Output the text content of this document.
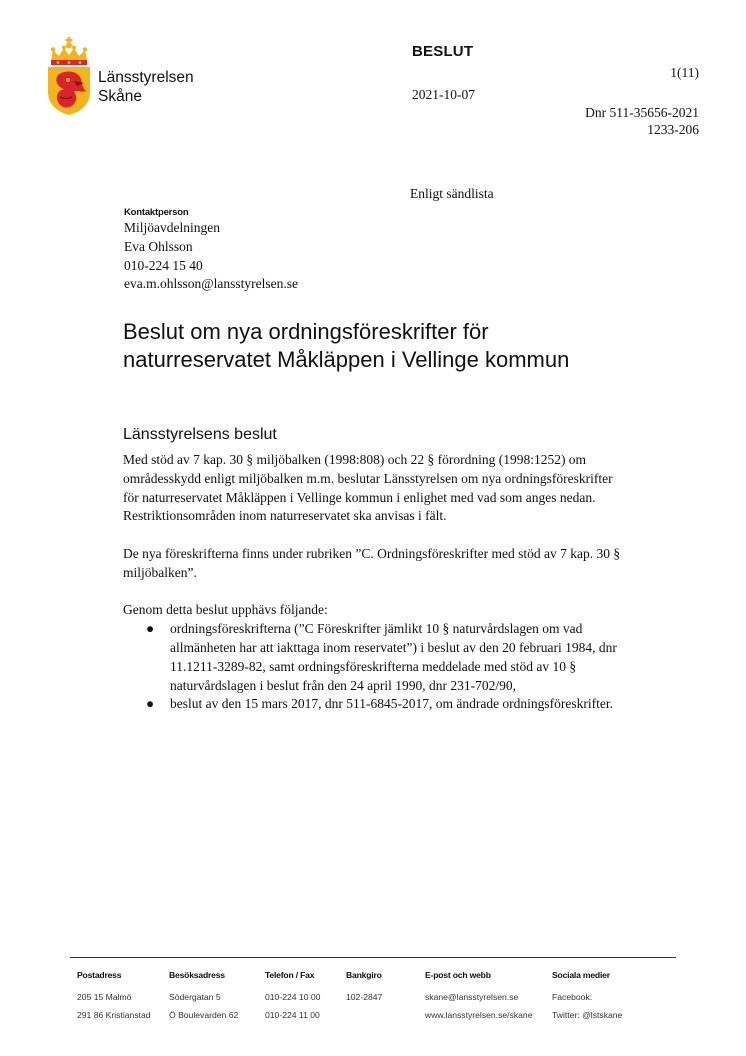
Länsstyrelsen
Skåne
BESLUT
1(11)
2021-10-07
Dnr 511-35656-2021
1233-206
Enligt sändlista
Kontaktperson
Miljöavdelningen
Eva Ohlsson
010-224 15 40
eva.m.ohlsson@lansstyrelsen.se
Beslut om nya ordningsföreskrifter för
naturreservatet Måkläppen i Vellinge kommun
Länsstyrelsens beslut

Med stöd av 7 kap. 30 § miljöbalken (1998:808) och 22 § förordning (1998:1252) om områdesskydd enligt miljöbalken m.m. beslutar Länsstyrelsen om nya ordningsföreskrifter för naturreservatet Måkläppen i Vellinge kommun i enlighet med vad som anges nedan. Restriktionsområden inom naturreservatet ska anvisas i fält.

De nya föreskrifterna finns under rubriken ”C. Ordningsföreskrifter med stöd av 7 kap. 30 § miljöbalken”.

Genom detta beslut upphävs följande:

● ordningsföreskrifterna (”C Föreskrifter jämlikt 10 § naturvårdslagen om vad allmänheten har att iakttaga inom reservatet”) i beslut av den 20 februari 1984, dnr 11.1211-3289-82, samt ordningsföreskrifterna meddelade med stöd av 10 § naturvårdslagen i beslut från den 24 april 1990, dnr 231-702/90,
● beslut av den 15 mars 2017, dnr 511-6845-2017, om ändrade ordningsföreskrifter.
Postadress
205 15 Malmö
291 86 Kristianstad
Besöksadress
Södergatan 5
Ö Boulevarden 62
Telefon / Fax
010-224 10 00
010-224 11 00
Bankgiro
102-2847
E-post och webb
skane@lansstyrelsen.se
www.lansstyrelsen.se/skane
Sociala medier
Facebook:
Twitter: @lstskane
